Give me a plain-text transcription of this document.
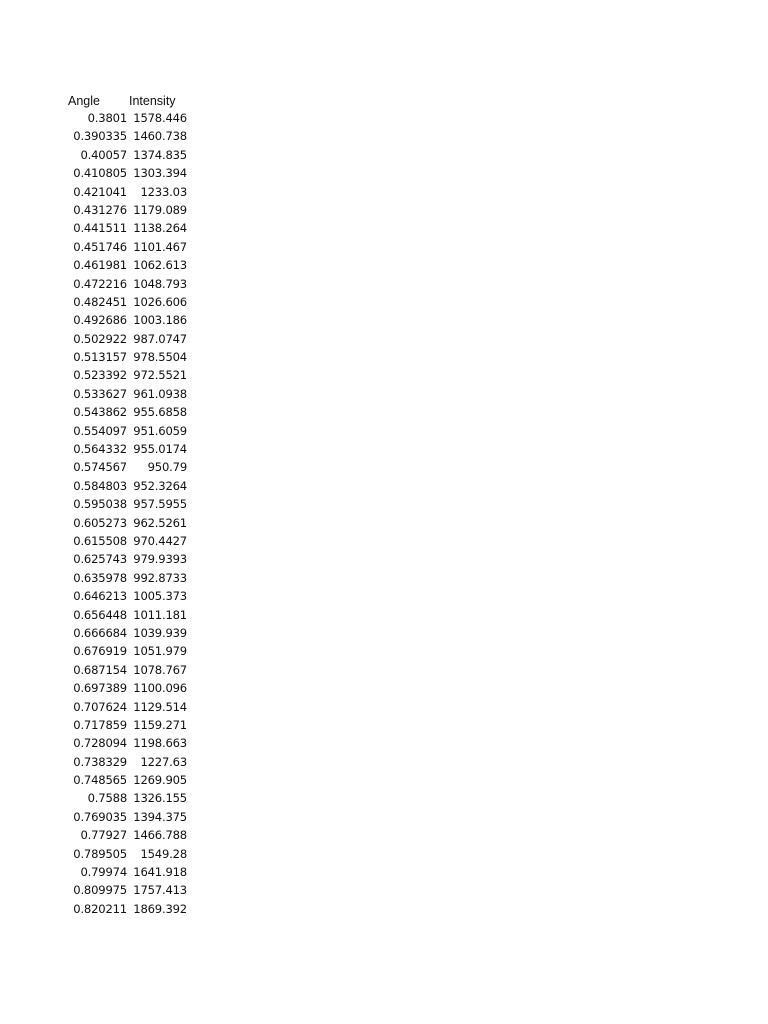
Angle Intensity
0.3801 1578.446
0.390335 1460.738
0.40057 1374.835
0.410805 1303.394
0.421041 1233.03
0.431276 1179.089
0.441511 1138.264
0.451746 1101.467
0.461981 1062.613
0.472216 1048.793
0.482451 1026.606
0.492686 1003.186
0.502922 987.0747
0.513157 978.5504
0.523392 972.5521
0.533627 961.0938
0.543862 955.6858
0.554097 951.6059
0.564332 955.0174
0.574567 950.79
0.584803 952.3264
0.595038 957.5955
0.605273 962.5261
0.615508 970.4427
0.625743 979.9393
0.635978 992.8733
0.646213 1005.373
0.656448 1011.181
0.666684 1039.939
0.676919 1051.979
0.687154 1078.767
0.697389 1100.096
0.707624 1129.514
0.717859 1159.271
0.728094 1198.663
0.738329 1227.63
0.748565 1269.905
0.7588 1326.155
0.769035 1394.375
0.77927 1466.788
0.789505 1549.28
0.79974 1641.918
0.809975 1757.413
0.820211 1869.392
